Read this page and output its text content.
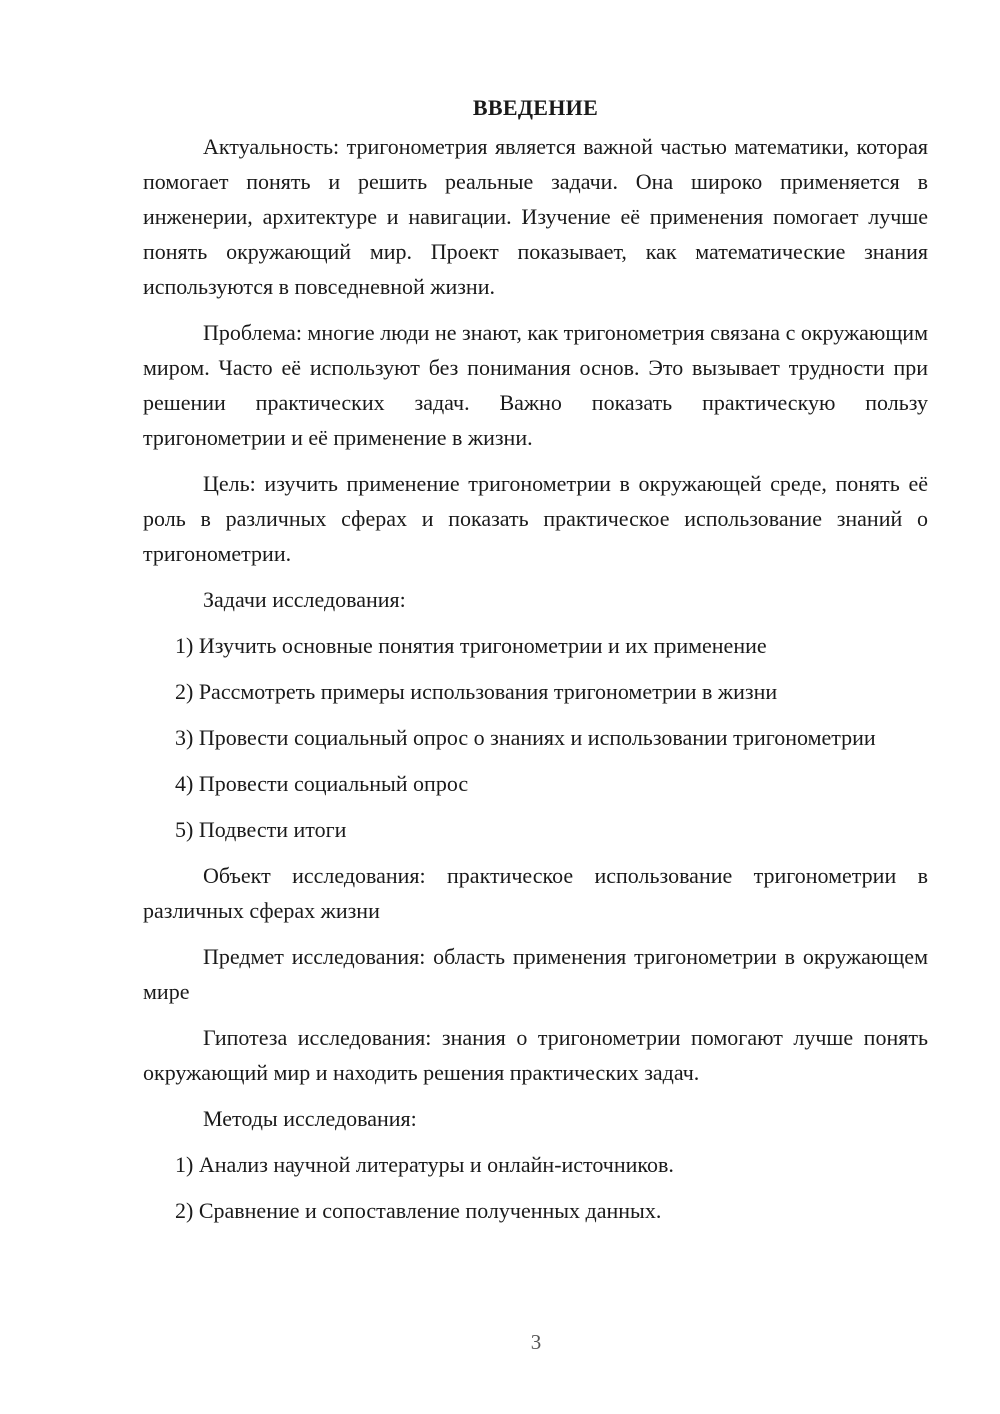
ВВЕДЕНИЕ
Актуальность: тригонометрия является важной частью математики, которая помогает понять и решить реальные задачи. Она широко применяется в инженерии, архитектуре и навигации. Изучение её применения помогает лучше понять окружающий мир. Проект показывает, как математические знания используются в повседневной жизни.
Проблема: многие люди не знают, как тригонометрия связана с окружающим миром. Часто её используют без понимания основ. Это вызывает трудности при решении практических задач. Важно показать практическую пользу тригонометрии и её применение в жизни.
Цель: изучить применение тригонометрии в окружающей среде, понять её роль в различных сферах и показать практическое использование знаний о тригонометрии.
Задачи исследования:
1) Изучить основные понятия тригонометрии и их применение
2) Рассмотреть примеры использования тригонометрии в жизни
3) Провести социальный опрос о знаниях и использовании тригонометрии
4) Провести социальный опрос
5) Подвести итоги
Объект исследования: практическое использование тригонометрии в различных сферах жизни
Предмет исследования: область применения тригонометрии в окружающем мире
Гипотеза исследования: знания о тригонометрии помогают лучше понять окружающий мир и находить решения практических задач.
Методы исследования:
1) Анализ научной литературы и онлайн-источников.
2) Сравнение и сопоставление полученных данных.
3
